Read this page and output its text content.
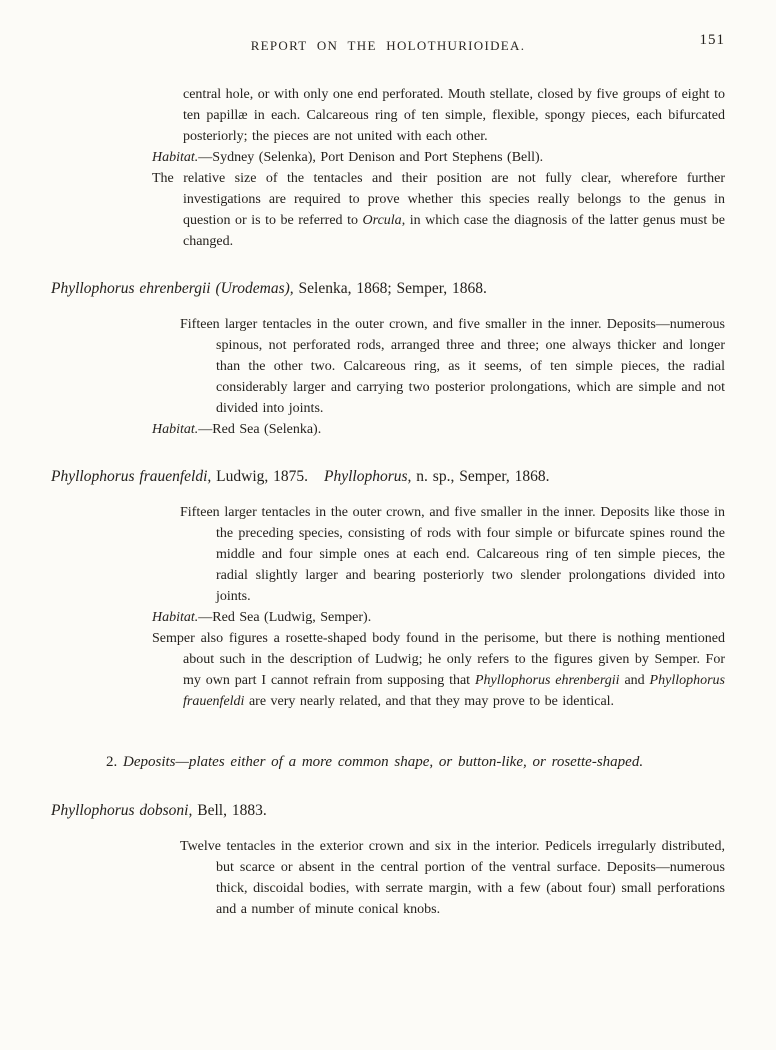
REPORT ON THE HOLOTHURIOIDEA.	151

central hole, or with only one end perforated. Mouth stellate, closed by five groups of eight to ten papillæ in each. Calcareous ring of ten simple, flexible, spongy pieces, each bifurcated posteriorly; the pieces are not united with each other.

Habitat.—Sydney (Selenka), Port Denison and Port Stephens (Bell).

The relative size of the tentacles and their position are not fully clear, wherefore further investigations are required to prove whether this species really belongs to the genus in question or is to be referred to Orcula, in which case the diagnosis of the latter genus must be changed.

Phyllophorus ehrenbergii (Urodemas), Selenka, 1868; Semper, 1868.

Fifteen larger tentacles in the outer crown, and five smaller in the inner. Deposits—numerous spinous, not perforated rods, arranged three and three; one always thicker and longer than the other two. Calcareous ring, as it seems, of ten simple pieces, the radial considerably larger and carrying two posterior prolongations, which are simple and not divided into joints.

Habitat.—Red Sea (Selenka).

Phyllophorus frauenfeldi, Ludwig, 1875. Phyllophorus, n. sp., Semper, 1868.

Fifteen larger tentacles in the outer crown, and five smaller in the inner. Deposits like those in the preceding species, consisting of rods with four simple or bifurcate spines round the middle and four simple ones at each end. Calcareous ring of ten simple pieces, the radial slightly larger and bearing posteriorly two slender prolongations divided into joints.

Habitat.—Red Sea (Ludwig, Semper).

Semper also figures a rosette-shaped body found in the perisome, but there is nothing mentioned about such in the description of Ludwig; he only refers to the figures given by Semper. For my own part I cannot refrain from supposing that Phyllophorus ehrenbergii and Phyllophorus frauenfeldi are very nearly related, and that they may prove to be identical.

2. Deposits—plates either of a more common shape, or button-like, or rosette-shaped.
Phyllophorus dobsoni, Bell, 1883.

Twelve tentacles in the exterior crown and six in the interior. Pedicels irregularly distributed, but scarce or absent in the central portion of the ventral surface. Deposits—numerous thick, discoidal bodies, with serrate margin, with a few (about four) small perforations and a number of minute conical knobs.
